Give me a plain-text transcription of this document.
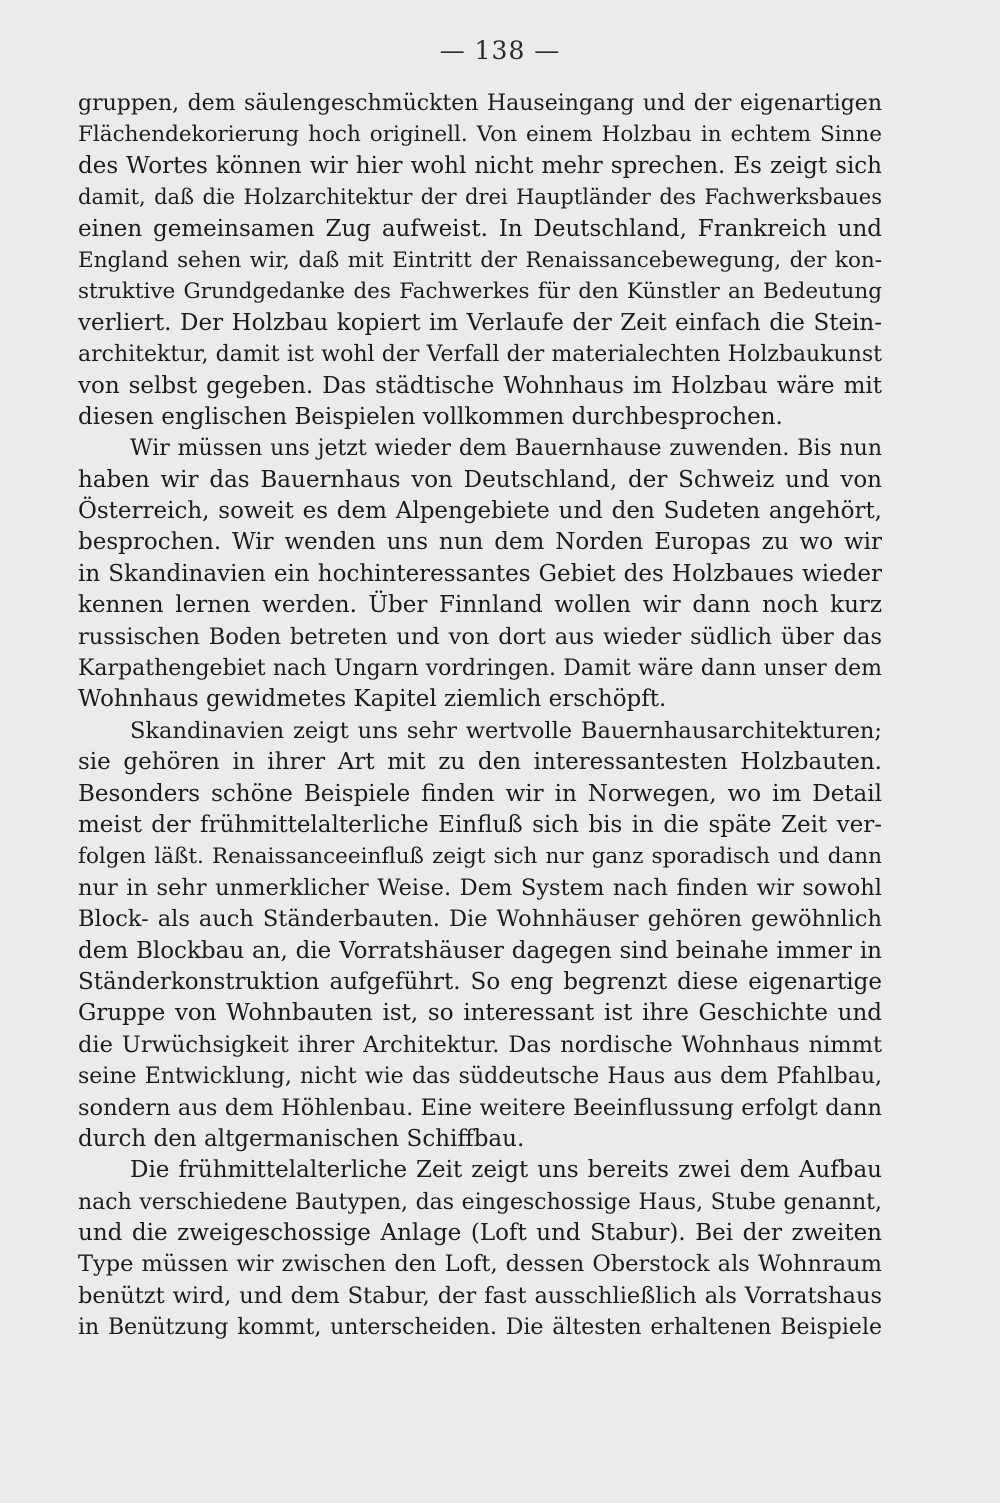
— 138 —
gruppen, dem säulengeschmückten Hauseingang und der eigenartigen
Flächendekorierung hoch originell. Von einem Holzbau in echtem Sinne
des Wortes können wir hier wohl nicht mehr sprechen. Es zeigt sich
damit, daß die Holzarchitektur der drei Hauptländer des Fachwerksbaues
einen gemeinsamen Zug aufweist. In Deutschland, Frankreich und
England sehen wir, daß mit Eintritt der Renaissancebewegung, der kon-
struktive Grundgedanke des Fachwerkes für den Künstler an Bedeutung
verliert. Der Holzbau kopiert im Verlaufe der Zeit einfach die Stein-
architektur, damit ist wohl der Verfall der materialechten Holzbaukunst
von selbst gegeben. Das städtische Wohnhaus im Holzbau wäre mit
diesen englischen Beispielen vollkommen durchbesprochen.
Wir müssen uns jetzt wieder dem Bauernhause zuwenden. Bis nun
haben wir das Bauernhaus von Deutschland, der Schweiz und von
Österreich, soweit es dem Alpengebiete und den Sudeten angehört,
besprochen. Wir wenden uns nun dem Norden Europas zu wo wir
in Skandinavien ein hochinteressantes Gebiet des Holzbaues wieder
kennen lernen werden. Über Finnland wollen wir dann noch kurz
russischen Boden betreten und von dort aus wieder südlich über das
Karpathengebiet nach Ungarn vordringen. Damit wäre dann unser dem
Wohnhaus gewidmetes Kapitel ziemlich erschöpft.
Skandinavien zeigt uns sehr wertvolle Bauernhausarchitekturen;
sie gehören in ihrer Art mit zu den interessantesten Holzbauten.
Besonders schöne Beispiele finden wir in Norwegen, wo im Detail
meist der frühmittelalterliche Einfluß sich bis in die späte Zeit ver-
folgen läßt. Renaissanceeinfluß zeigt sich nur ganz sporadisch und dann
nur in sehr unmerklicher Weise. Dem System nach finden wir sowohl
Block- als auch Ständerbauten. Die Wohnhäuser gehören gewöhnlich
dem Blockbau an, die Vorratshäuser dagegen sind beinahe immer in
Ständerkonstruktion aufgeführt. So eng begrenzt diese eigenartige
Gruppe von Wohnbauten ist, so interessant ist ihre Geschichte und
die Urwüchsigkeit ihrer Architektur. Das nordische Wohnhaus nimmt
seine Entwicklung, nicht wie das süddeutsche Haus aus dem Pfahlbau,
sondern aus dem Höhlenbau. Eine weitere Beeinflussung erfolgt dann
durch den altgermanischen Schiffbau.
Die frühmittelalterliche Zeit zeigt uns bereits zwei dem Aufbau
nach verschiedene Bautypen, das eingeschossige Haus, Stube genannt,
und die zweigeschossige Anlage (Loft und Stabur). Bei der zweiten
Type müssen wir zwischen den Loft, dessen Oberstock als Wohnraum
benützt wird, und dem Stabur, der fast ausschließlich als Vorratshaus
in Benützung kommt, unterscheiden. Die ältesten erhaltenen Beispiele
